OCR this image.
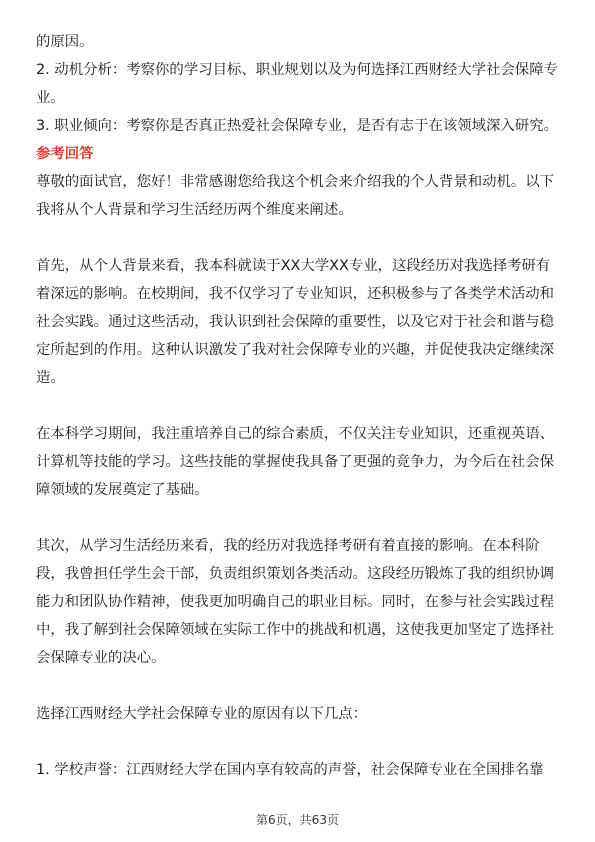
的原因。
2. 动机分析：考察你的学习目标、职业规划以及为何选择江西财经大学社会保障专
业。
3. 职业倾向：考察你是否真正热爱社会保障专业，是否有志于在该领域深入研究。
参考回答
尊敬的面试官，您好！非常感谢您给我这个机会来介绍我的个人背景和动机。以下
我将从个人背景和学习生活经历两个维度来阐述。
首先，从个人背景来看，我本科就读于XX大学XX专业，这段经历对我选择考研有
着深远的影响。在校期间，我不仅学习了专业知识，还积极参与了各类学术活动和
社会实践。通过这些活动，我认识到社会保障的重要性，以及它对于社会和谐与稳
定所起到的作用。这种认识激发了我对社会保障专业的兴趣，并促使我决定继续深
造。
在本科学习期间，我注重培养自己的综合素质，不仅关注专业知识，还重视英语、
计算机等技能的学习。这些技能的掌握使我具备了更强的竞争力，为今后在社会保
障领域的发展奠定了基础。
其次，从学习生活经历来看，我的经历对我选择考研有着直接的影响。在本科阶
段，我曾担任学生会干部，负责组织策划各类活动。这段经历锻炼了我的组织协调
能力和团队协作精神，使我更加明确自己的职业目标。同时，在参与社会实践过程
中，我了解到社会保障领域在实际工作中的挑战和机遇，这使我更加坚定了选择社
会保障专业的决心。
选择江西财经大学社会保障专业的原因有以下几点：
1. 学校声誉：江西财经大学在国内享有较高的声誉，社会保障专业在全国排名靠
第6页，共63页
